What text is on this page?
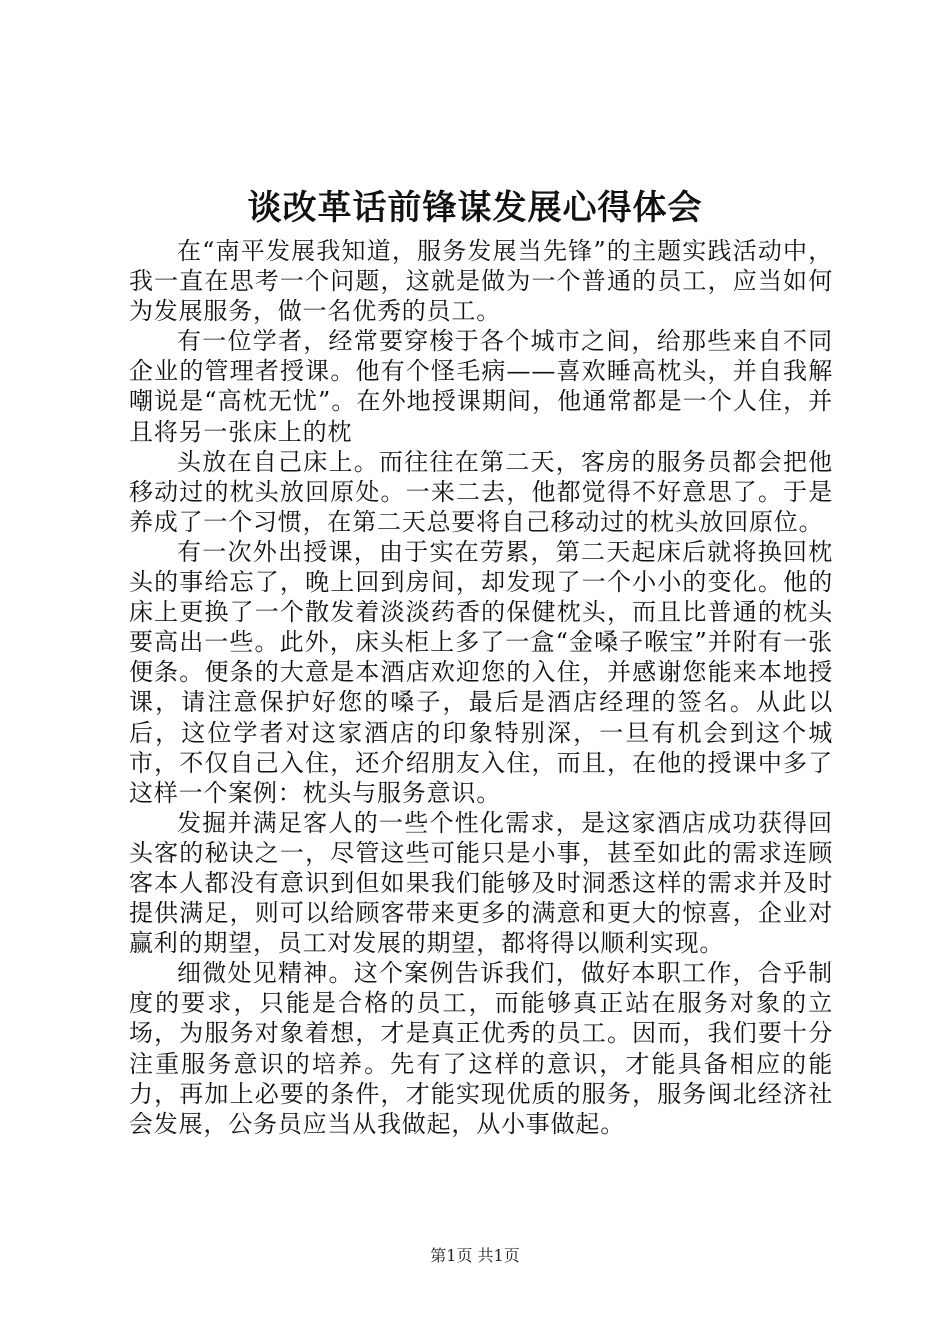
谈改革话前锋谋发展心得体会

在“南平发展我知道，服务发展当先锋”的主题实践活动中，我一直在思考一个问题，这就是做为一个普通的员工，应当如何为发展服务，做一名优秀的员工。

有一位学者，经常要穿梭于各个城市之间，给那些来自不同企业的管理者授课。他有个怪毛病——喜欢睡高枕头，并自我解嘲说是“高枕无忧”。在外地授课期间，他通常都是一个人住，并且将另一张床上的枕

头放在自己床上。而往往在第二天，客房的服务员都会把他移动过的枕头放回原处。一来二去，他都觉得不好意思了。于是养成了一个习惯，在第二天总要将自己移动过的枕头放回原位。

有一次外出授课，由于实在劳累，第二天起床后就将换回枕头的事给忘了，晚上回到房间，却发现了一个小小的变化。他的床上更换了一个散发着淡淡药香的保健枕头，而且比普通的枕头要高出一些。此外，床头柜上多了一盒“金嗓子喉宝”并附有一张便条。便条的大意是本酒店欢迎您的入住，并感谢您能来本地授课，请注意保护好您的嗓子，最后是酒店经理的签名。从此以后，这位学者对这家酒店的印象特别深，一旦有机会到这个城市，不仅自己入住，还介绍朋友入住，而且，在他的授课中多了这样一个案例：枕头与服务意识。

发掘并满足客人的一些个性化需求，是这家酒店成功获得回头客的秘诀之一，尽管这些可能只是小事，甚至如此的需求连顾客本人都没有意识到但如果我们能够及时洞悉这样的需求并及时提供满足，则可以给顾客带来更多的满意和更大的惊喜，企业对赢利的期望，员工对发展的期望，都将得以顺利实现。

细微处见精神。这个案例告诉我们，做好本职工作，合乎制度的要求，只能是合格的员工，而能够真正站在服务对象的立场，为服务对象着想，才是真正优秀的员工。因而，我们要十分注重服务意识的培养。先有了这样的意识，才能具备相应的能力，再加上必要的条件，才能实现优质的服务，服务闽北经济社会发展，公务员应当从我做起，从小事做起。

第1页 共1页
